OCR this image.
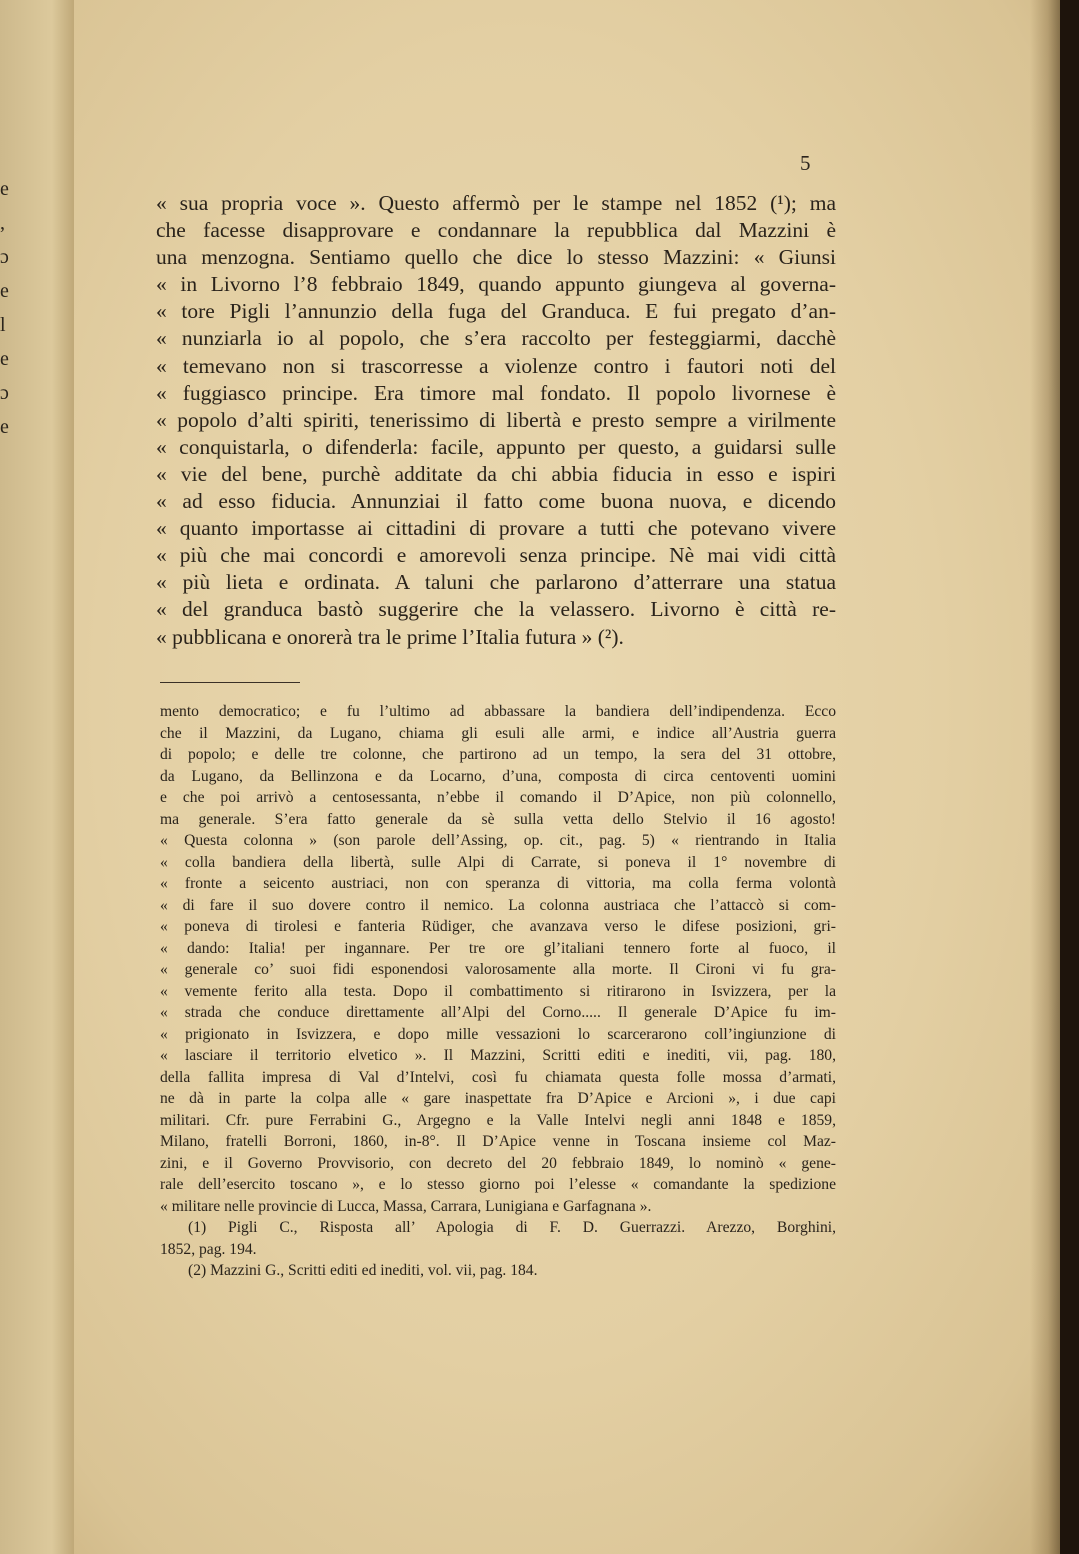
e
,
ɔ
e
l
e
ɔ
e
5
« sua propria voce ». Questo affermò per le stampe nel 1852 (¹); ma
che facesse disapprovare e condannare la repubblica dal Mazzini è
una menzogna. Sentiamo quello che dice lo stesso Mazzini: « Giunsi
« in Livorno l’8 febbraio 1849, quando appunto giungeva al governa-
« tore Pigli l’annunzio della fuga del Granduca. E fui pregato d’an-
« nunziarla io al popolo, che s’era raccolto per festeggiarmi, dacchè
« temevano non si trascorresse a violenze contro i fautori noti del
« fuggiasco principe. Era timore mal fondato. Il popolo livornese è
« popolo d’alti spiriti, tenerissimo di libertà e presto sempre a virilmente
« conquistarla, o difenderla: facile, appunto per questo, a guidarsi sulle
« vie del bene, purchè additate da chi abbia fiducia in esso e ispiri
« ad esso fiducia. Annunziai il fatto come buona nuova, e dicendo
« quanto importasse ai cittadini di provare a tutti che potevano vivere
« più che mai concordi e amorevoli senza principe. Nè mai vidi città
« più lieta e ordinata. A taluni che parlarono d’atterrare una statua
« del granduca bastò suggerire che la velassero. Livorno è città re-
« pubblicana e onorerà tra le prime l’Italia futura » (²).
mento democratico; e fu l’ultimo ad abbassare la bandiera dell’indipendenza. Ecco
che il Mazzini, da Lugano, chiama gli esuli alle armi, e indice all’Austria guerra
di popolo; e delle tre colonne, che partirono ad un tempo, la sera del 31 ottobre,
da Lugano, da Bellinzona e da Locarno, d’una, composta di circa centoventi uomini
e che poi arrivò a centosessanta, n’ebbe il comando il D’Apice, non più colonnello,
ma generale. S’era fatto generale da sè sulla vetta dello Stelvio il 16 agosto!
« Questa colonna » (son parole dell’Assing, op. cit., pag. 5) « rientrando in Italia
« colla bandiera della libertà, sulle Alpi di Carrate, si poneva il 1° novembre di
« fronte a seicento austriaci, non con speranza di vittoria, ma colla ferma volontà
« di fare il suo dovere contro il nemico. La colonna austriaca che l’attaccò si com-
« poneva di tirolesi e fanteria Rüdiger, che avanzava verso le difese posizioni, gri-
« dando: Italia! per ingannare. Per tre ore gl’italiani tennero forte al fuoco, il
« generale co’ suoi fidi esponendosi valorosamente alla morte. Il Cironi vi fu gra-
« vemente ferito alla testa. Dopo il combattimento si ritirarono in Isvizzera, per la
« strada che conduce direttamente all’Alpi del Corno..... Il generale D’Apice fu im-
« prigionato in Isvizzera, e dopo mille vessazioni lo scarcerarono coll’ingiunzione di
« lasciare il territorio elvetico ». Il Mazzini, Scritti editi e inediti, vii, pag. 180,
della fallita impresa di Val d’Intelvi, così fu chiamata questa folle mossa d’armati,
ne dà in parte la colpa alle « gare inaspettate fra D’Apice e Arcioni », i due capi
militari. Cfr. pure Ferrabini G., Argegno e la Valle Intelvi negli anni 1848 e 1859,
Milano, fratelli Borroni, 1860, in-8°. Il D’Apice venne in Toscana insieme col Maz-
zini, e il Governo Provvisorio, con decreto del 20 febbraio 1849, lo nominò « gene-
rale dell’esercito toscano », e lo stesso giorno poi l’elesse « comandante la spedizione
« militare nelle provincie di Lucca, Massa, Carrara, Lunigiana e Garfagnana ».
(1) Pigli C., Risposta all’ Apologia di F. D. Guerrazzi. Arezzo, Borghini,
1852, pag. 194.
(2) Mazzini G., Scritti editi ed inediti, vol. vii, pag. 184.
